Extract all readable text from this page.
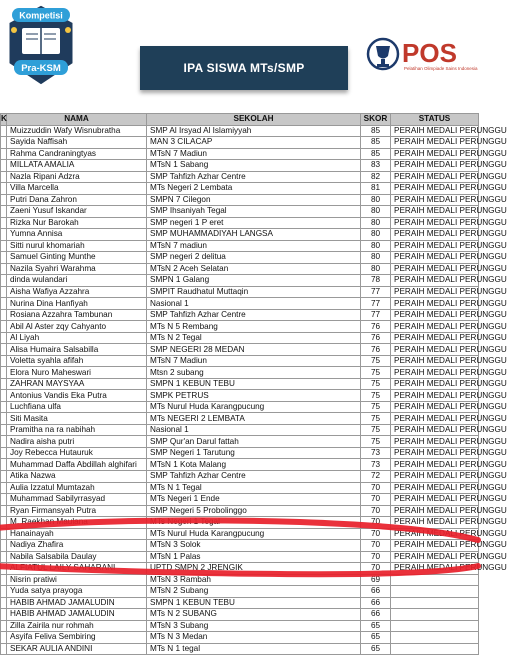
Kompetisi
Pra-KSM	IPA SISWA MTs/SMP	POS
Pelatihan Olimpiade Sains Indonesia
K	NAMA	SEKOLAH	SKOR	STATUS
	Muizzuddin Wafy Wisnubratha	SMP Al Irsyad Al Islamiyyah	85	PERAIH MEDALI PERUNGGU
	Sayida Naffisah	MAN 3 CILACAP	85	PERAIH MEDALI PERUNGGU
	Rahma Candraningtyas	MTsN 7 Madiun	85	PERAIH MEDALI PERUNGGU
	MILLATA AMALIA	MTsN 1 Sabang	83	PERAIH MEDALI PERUNGGU
	Nazla Ripani Adzra	SMP Tahfizh Azhar Centre	82	PERAIH MEDALI PERUNGGU
	Villa Marcella	MTs Negeri 2 Lembata	81	PERAIH MEDALI PERUNGGU
	Putri Dana Zahron	SMPN 7 Cilegon	80	PERAIH MEDALI PERUNGGU
	Zaeni Yusuf Iskandar	SMP Ihsaniyah Tegal	80	PERAIH MEDALI PERUNGGU
	Rizka Nur Barokah	SMP negeri 1 P eret	80	PERAIH MEDALI PERUNGGU
	Yumna Annisa	SMP MUHAMMADIYAH LANGSA	80	PERAIH MEDALI PERUNGGU
	Sitti nurul khomariah	MTsN 7 madiun	80	PERAIH MEDALI PERUNGGU
	Samuel Ginting Munthe	SMP negeri 2 delitua	80	PERAIH MEDALI PERUNGGU
	Nazila Syahri Warahma	MTsN 2 Aceh Selatan	80	PERAIH MEDALI PERUNGGU
	dinda wulandari	SMPN 1 Galang	78	PERAIH MEDALI PERUNGGU
	Aisha Wafiya Azzahra	SMPIT Raudhatul Muttaqin	77	PERAIH MEDALI PERUNGGU
	Nurina Dina Hanfiyah	Nasional 1	77	PERAIH MEDALI PERUNGGU
	Rosiana Azzahra Tambunan	SMP Tahfizh Azhar Centre	77	PERAIH MEDALI PERUNGGU
	Abil Al Aster zqy Cahyanto	MTs N 5 Rembang	76	PERAIH MEDALI PERUNGGU
	Al Liyah	MTs N 2 Tegal	76	PERAIH MEDALI PERUNGGU
	Alisa Humaira Salsabilla	SMP NEGERI 28 MEDAN	76	PERAIH MEDALI PERUNGGU
	Voletta syahla afifah	MTsN 7 Madiun	75	PERAIH MEDALI PERUNGGU
	Elora Nuro Maheswari	Mtsn 2 subang	75	PERAIH MEDALI PERUNGGU
	ZAHRAN MAYSYAA	SMPN 1 KEBUN TEBU	75	PERAIH MEDALI PERUNGGU
	Antonius Vandis Eka Putra	SMPK PETRUS	75	PERAIH MEDALI PERUNGGU
	Luchfiana ulfa	MTs Nurul Huda Karangpucung	75	PERAIH MEDALI PERUNGGU
	Siti Masita	MTs NEGERI 2 LEMBATA	75	PERAIH MEDALI PERUNGGU
	Pramitha na ra nabihah	Nasional 1	75	PERAIH MEDALI PERUNGGU
	Nadira aisha putri	SMP Qur'an Darul fattah	75	PERAIH MEDALI PERUNGGU
	Joy Rebecca Hutauruk	SMP Negeri 1 Tarutung	73	PERAIH MEDALI PERUNGGU
	Muhammad Daffa Abdillah alghifari	MTsN 1 Kota Malang	73	PERAIH MEDALI PERUNGGU
	Atika Nazwa	SMP Tahfizh Azhar Centre	72	PERAIH MEDALI PERUNGGU
	Aulia Izzatul Mumtazah	MTs N 1 Tegal	70	PERAIH MEDALI PERUNGGU
	Muhammad Sabilyrrasyad	MTs Negeri 1 Ende	70	PERAIH MEDALI PERUNGGU
	Ryan Firmansyah Putra	SMP Negeri 5 Probolinggo	70	PERAIH MEDALI PERUNGGU
	M. Raekhan Maulana	MTs Negeri 1 Tegal	70	PERAIH MEDALI PERUNGGU
	Hanainayah	MTs Nurul Huda Karangpucung	70	PERAIH MEDALI PERUNGGU
	Nadiya Zhafira	MTsN 3 Solok	70	PERAIH MEDALI PERUNGGU
	Nabila Salsabila Daulay	MTsN 1 Palas	70	PERAIH MEDALI PERUNGGU
	ALFIATUL LAILY SAHARANI	UPTD SMPN 2 JRENGIK	70	PERAIH MEDALI PERUNGGU
	Nisrin pratiwi	MTsN 3 Rambah	69	
	Yuda satya prayoga	MTsN 2 Subang	66	
	HABIB AHMAD JAMALUDIN	SMPN 1 KEBUN TEBU	66	
	HABIB AHMAD JAMALUDIN	MTs N 2 SUBANG	66	
	Zilla Zairila nur rohmah	MTsN 3 Subang	65	
	Asyifa Feliva Sembiring	MTs N 3 Medan	65	
	SEKAR AULIA ANDINI	MTs N 1 tegal	65	
